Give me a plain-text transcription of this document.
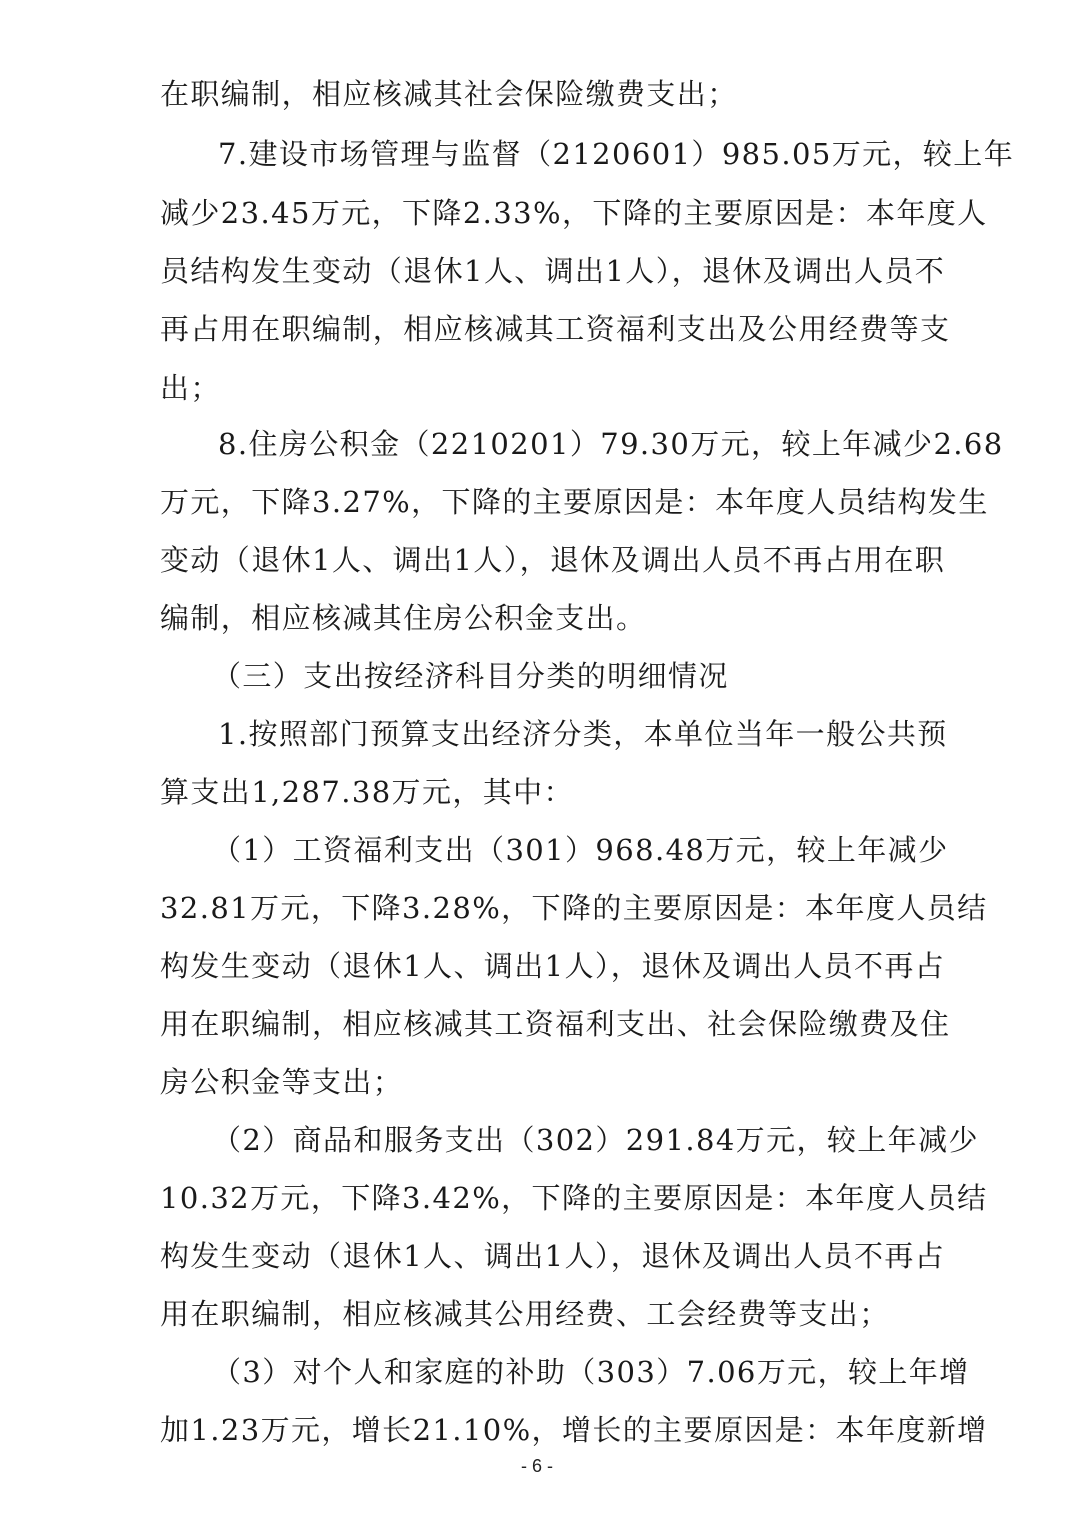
在职编制，相应核减其社会保险缴费支出；
7.建设市场管理与监督（2120601）985.05万元，较上年
减少23.45万元，下降2.33%，下降的主要原因是：本年度人
员结构发生变动（退休1人、调出1人），退休及调出人员不
再占用在职编制，相应核减其工资福利支出及公用经费等支
出；
8.住房公积金（2210201）79.30万元，较上年减少2.68
万元，下降3.27%，下降的主要原因是：本年度人员结构发生
变动（退休1人、调出1人），退休及调出人员不再占用在职
编制，相应核减其住房公积金支出。
（三）支出按经济科目分类的明细情况
1.按照部门预算支出经济分类，本单位当年一般公共预
算支出1,287.38万元，其中：
（1）工资福利支出（301）968.48万元，较上年减少
32.81万元，下降3.28%，下降的主要原因是：本年度人员结
构发生变动（退休1人、调出1人），退休及调出人员不再占
用在职编制，相应核减其工资福利支出、社会保险缴费及住
房公积金等支出；
（2）商品和服务支出（302）291.84万元，较上年减少
10.32万元，下降3.42%，下降的主要原因是：本年度人员结
构发生变动（退休1人、调出1人），退休及调出人员不再占
用在职编制，相应核减其公用经费、工会经费等支出；
（3）对个人和家庭的补助（303）7.06万元，较上年增
加1.23万元，增长21.10%，增长的主要原因是：本年度新增
- 6 -
